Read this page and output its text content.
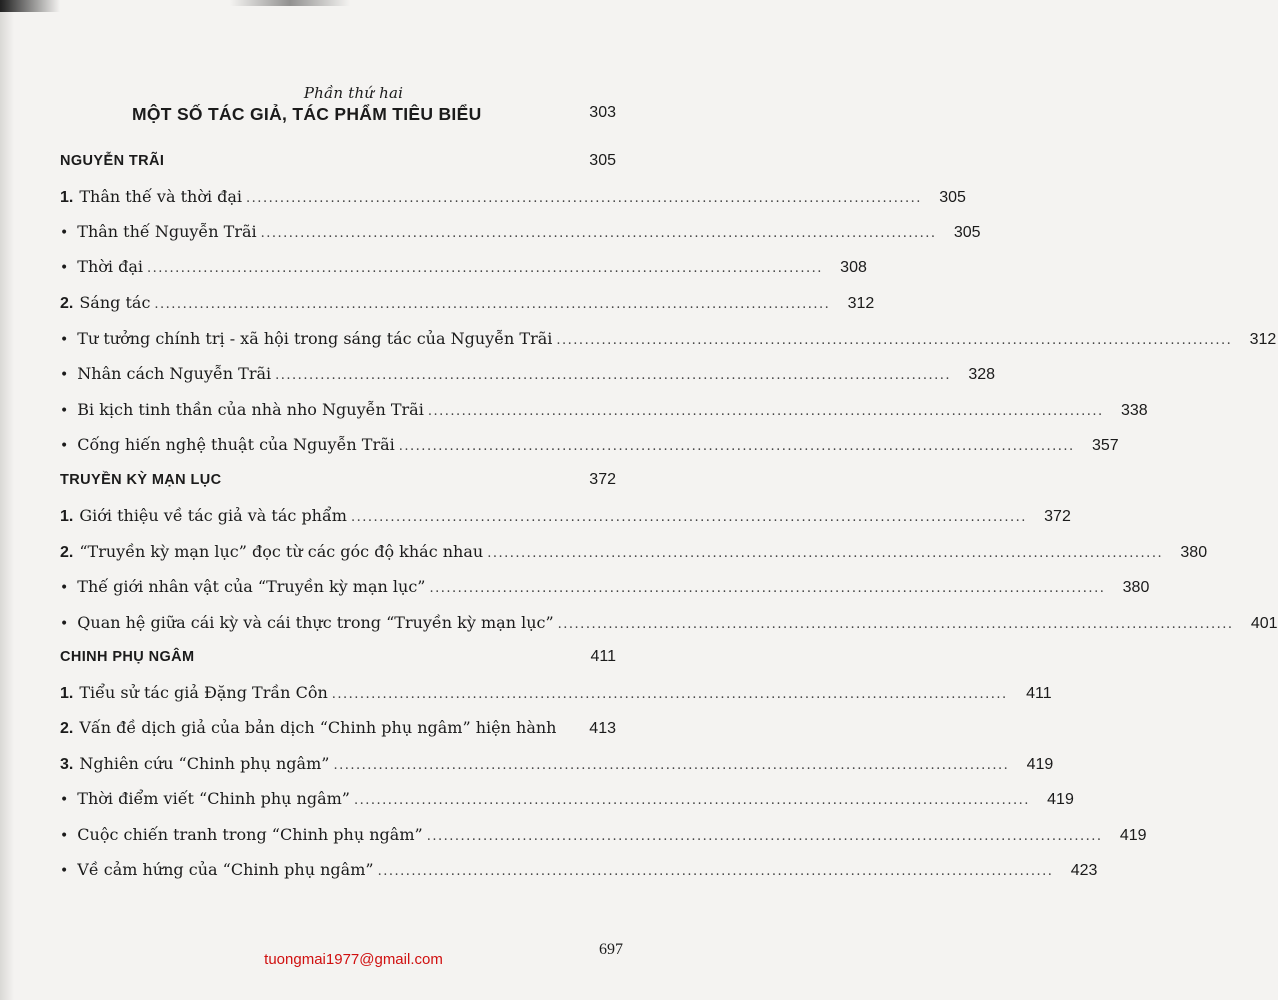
Phần thứ hai
MỘT SỐ TÁC GIẢ, TÁC PHẨM TIÊU BIỂU	303
NGUYỄN TRÃI	305
1. Thân thế và thời đại ........................................................................................................................	305
• Thân thế Nguyễn Trãi ........................................................................................................................	305
• Thời đại ........................................................................................................................	308
2. Sáng tác ........................................................................................................................	312
• Tư tưởng chính trị - xã hội trong sáng tác của Nguyễn Trãi ........................................................................................................................	312
• Nhân cách Nguyễn Trãi ........................................................................................................................	328
• Bi kịch tinh thần của nhà nho Nguyễn Trãi ........................................................................................................................	338
• Cống hiến nghệ thuật của Nguyễn Trãi ........................................................................................................................	357
TRUYỀN KỲ MẠN LỤC	372
1. Giới thiệu về tác giả và tác phẩm ........................................................................................................................	372
2. “Truyền kỳ mạn lục” đọc từ các góc độ khác nhau ........................................................................................................................	380
• Thế giới nhân vật của “Truyền kỳ mạn lục” ........................................................................................................................	380
• Quan hệ giữa cái kỳ và cái thực trong “Truyền kỳ mạn lục” ........................................................................................................................	401
CHINH PHỤ NGÂM	411
1. Tiểu sử tác giả Đặng Trần Côn ........................................................................................................................	411
2. Vấn đề dịch giả của bản dịch “Chinh phụ ngâm” hiện hành	413
3. Nghiên cứu “Chinh phụ ngâm” ........................................................................................................................	419
• Thời điểm viết “Chinh phụ ngâm” ........................................................................................................................	419
• Cuộc chiến tranh trong “Chinh phụ ngâm” ........................................................................................................................	419
• Về cảm hứng của “Chinh phụ ngâm” ........................................................................................................................	423
697
tuongmai1977@gmail.com
